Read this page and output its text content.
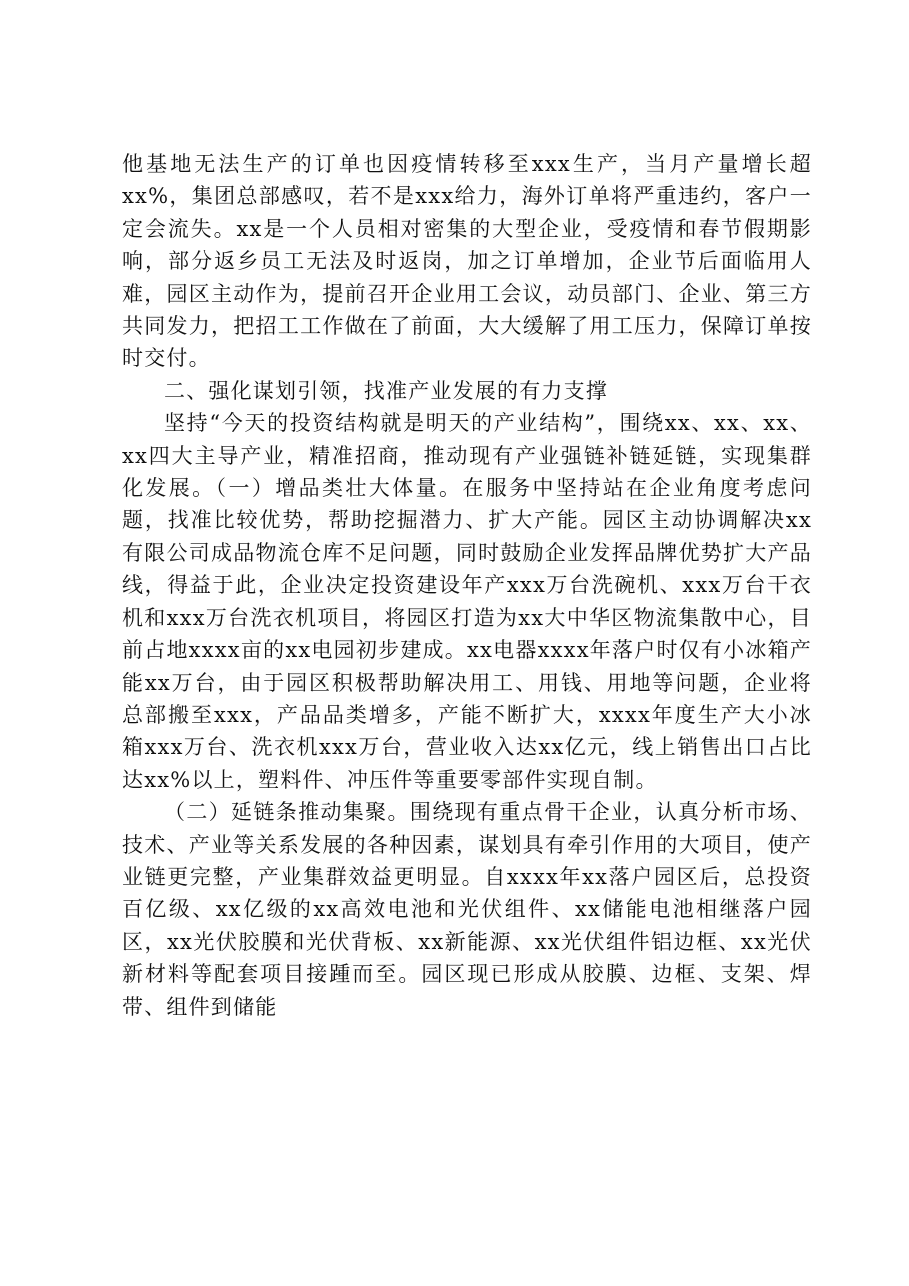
他基地无法生产的订单也因疫情转移至xxx生产，当月产量增长超xx%，集团总部感叹，若不是xxx给力，海外订单将严重违约，客户一定会流失。xx是一个人员相对密集的大型企业，受疫情和春节假期影响，部分返乡员工无法及时返岗，加之订单增加，企业节后面临用人难，园区主动作为，提前召开企业用工会议，动员部门、企业、第三方共同发力，把招工工作做在了前面，大大缓解了用工压力，保障订单按时交付。

二、强化谋划引领，找准产业发展的有力支撑

坚持“今天的投资结构就是明天的产业结构”，围绕xx、xx、xx、xx四大主导产业，精准招商，推动现有产业强链补链延链，实现集群化发展。（一）增品类壮大体量。在服务中坚持站在企业角度考虑问题，找准比较优势，帮助挖掘潜力、扩大产能。园区主动协调解决xx有限公司成品物流仓库不足问题，同时鼓励企业发挥品牌优势扩大产品线，得益于此，企业决定投资建设年产xxx万台洗碗机、xxx万台干衣机和xxx万台洗衣机项目，将园区打造为xx大中华区物流集散中心，目前占地xxxx亩的xx电园初步建成。xx电器xxxx年落户时仅有小冰箱产能xx万台，由于园区积极帮助解决用工、用钱、用地等问题，企业将总部搬至xxx，产品品类增多，产能不断扩大，xxxx年度生产大小冰箱xxx万台、洗衣机xxx万台，营业收入达xx亿元，线上销售出口占比达xx%以上，塑料件、冲压件等重要零部件实现自制。

（二）延链条推动集聚。围绕现有重点骨干企业，认真分析市场、技术、产业等关系发展的各种因素，谋划具有牵引作用的大项目，使产业链更完整，产业集群效益更明显。自xxxx年xx落户园区后，总投资百亿级、xx亿级的xx高效电池和光伏组件、xx储能电池相继落户园区，xx光伏胶膜和光伏背板、xx新能源、xx光伏组件铝边框、xx光伏新材料等配套项目接踵而至。园区现已形成从胶膜、边框、支架、焊带、组件到储能
